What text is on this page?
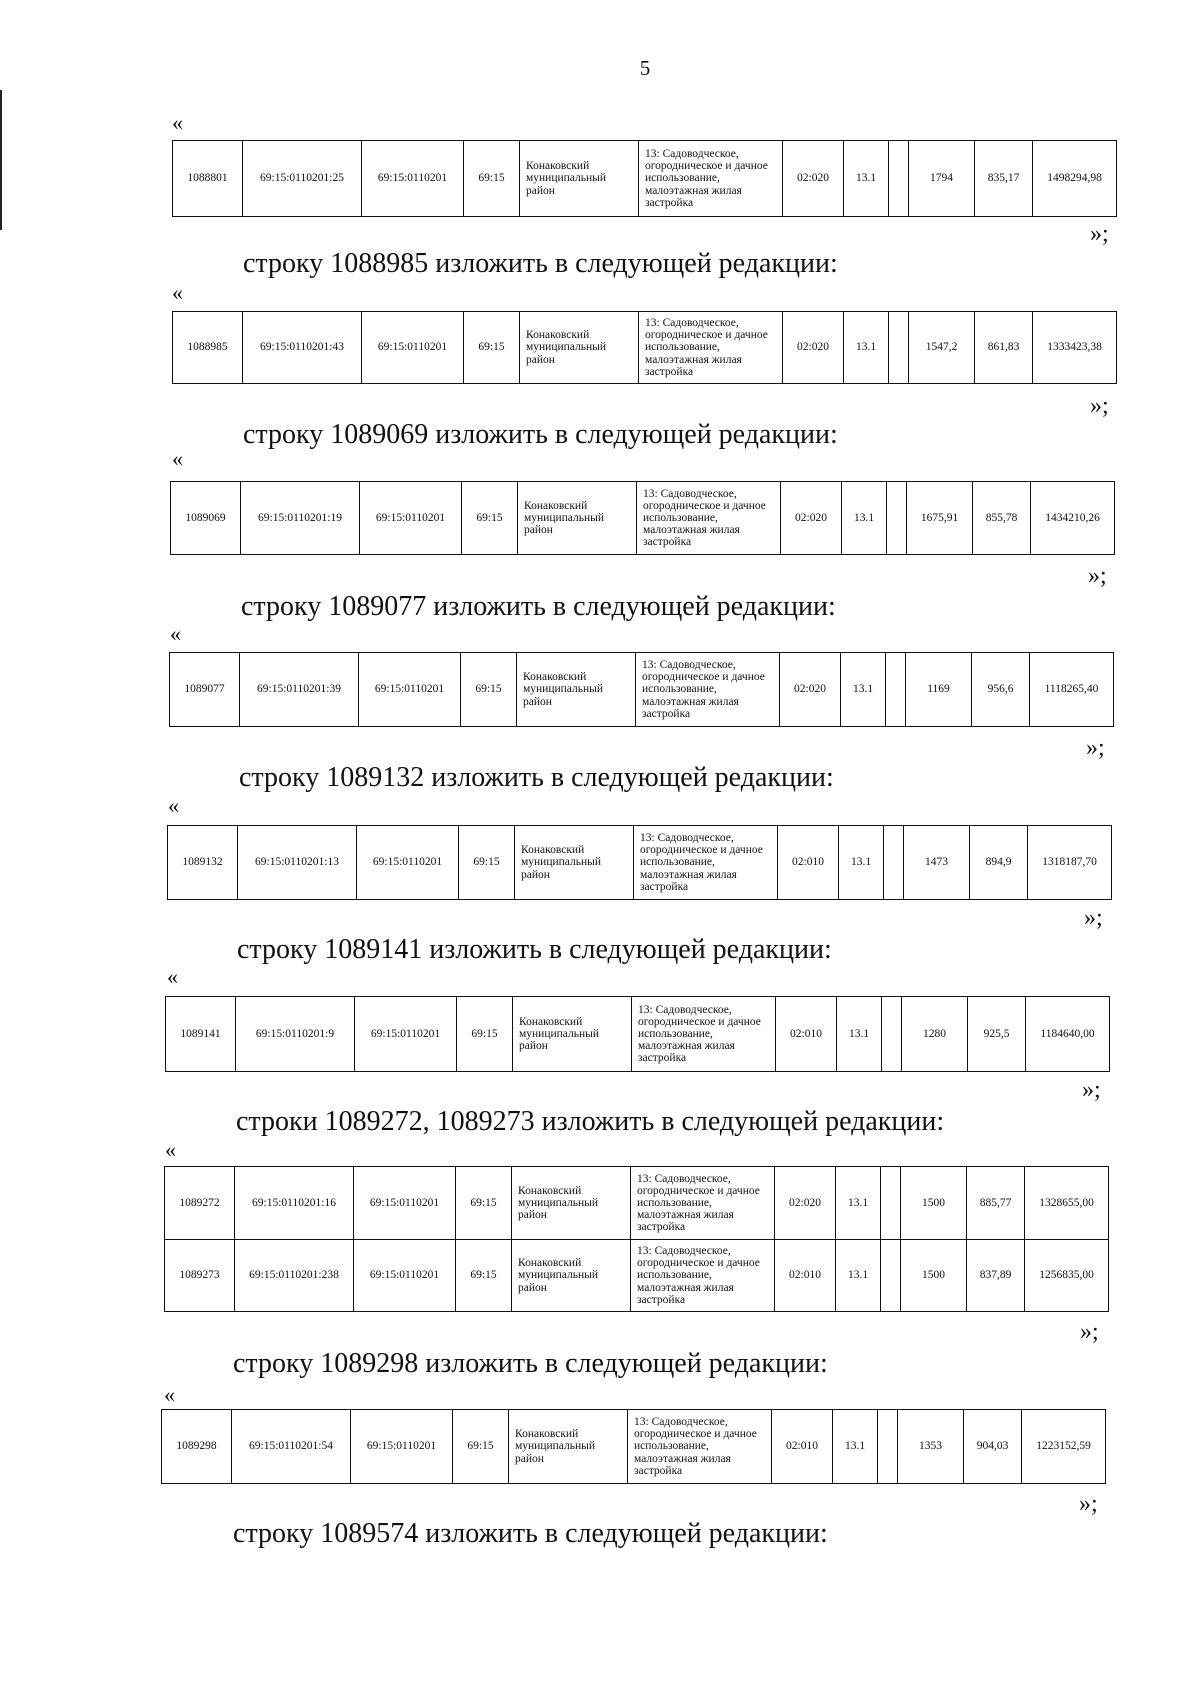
5
«
1088801	69:15:0110201:25	69:15:0110201	69:15	Конаковский муниципальный район	13: Садоводческое, огородническое и дачное использование, малоэтажная жилая застройка	02:020	13.1		1794	835,17	1498294,98
»;
строку 1088985 изложить в следующей редакции:
«
1088985	69:15:0110201:43	69:15:0110201	69:15	Конаковский муниципальный район	13: Садоводческое, огородническое и дачное использование, малоэтажная жилая застройка	02:020	13.1		1547,2	861,83	1333423,38
»;
строку 1089069 изложить в следующей редакции:
«
1089069	69:15:0110201:19	69:15:0110201	69:15	Конаковский муниципальный район	13: Садоводческое, огородническое и дачное использование, малоэтажная жилая застройка	02:020	13.1		1675,91	855,78	1434210,26
»;
строку 1089077 изложить в следующей редакции:
«
1089077	69:15:0110201:39	69:15:0110201	69:15	Конаковский муниципальный район	13: Садоводческое, огородническое и дачное использование, малоэтажная жилая застройка	02:020	13.1		1169	956,6	1118265,40
»;
строку 1089132 изложить в следующей редакции:
«
1089132	69:15:0110201:13	69:15:0110201	69:15	Конаковский муниципальный район	13: Садоводческое, огородническое и дачное использование, малоэтажная жилая застройка	02:010	13.1		1473	894,9	1318187,70
»;
строку 1089141 изложить в следующей редакции:
«
1089141	69:15:0110201:9	69:15:0110201	69:15	Конаковский муниципальный район	13: Садоводческое, огородническое и дачное использование, малоэтажная жилая застройка	02:010	13.1		1280	925,5	1184640,00
»;
строки 1089272, 1089273 изложить в следующей редакции:
«
1089272	69:15:0110201:16	69:15:0110201	69:15	Конаковский муниципальный район	13: Садоводческое, огородническое и дачное использование, малоэтажная жилая застройка	02:020	13.1		1500	885,77	1328655,00
1089273	69:15:0110201:238	69:15:0110201	69:15	Конаковский муниципальный район	13: Садоводческое, огородническое и дачное использование, малоэтажная жилая застройка	02:010	13.1		1500	837,89	1256835,00
»;
строку 1089298 изложить в следующей редакции:
«
1089298	69:15:0110201:54	69:15:0110201	69:15	Конаковский муниципальный район	13: Садоводческое, огородническое и дачное использование, малоэтажная жилая застройка	02:010	13.1		1353	904,03	1223152,59
»;
строку 1089574 изложить в следующей редакции:
